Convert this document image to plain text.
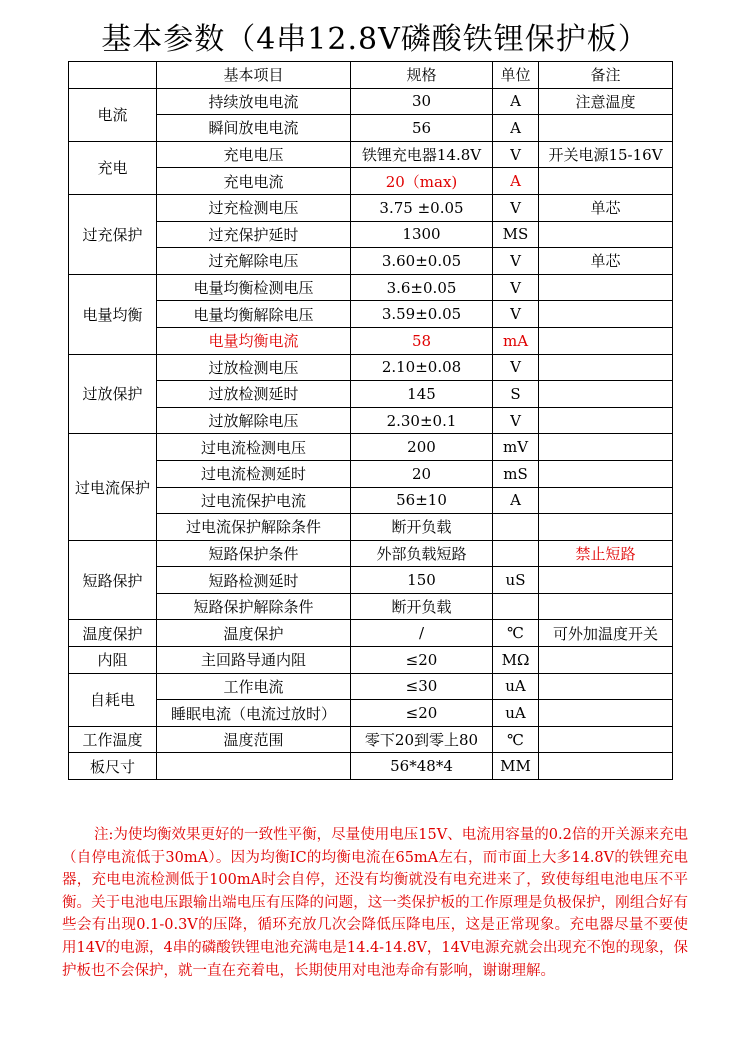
基本参数（4串12.8V磷酸铁锂保护板）
	基本项目	规格	单位	备注
电流	持续放电电流	30	A	注意温度
	瞬间放电电流	56	A	
充电	充电电压	铁锂充电器14.8V	V	开关电源15-16V
	充电电流	20（max)	A	
过充保护	过充检测电压	3.75 ±0.05	V	单芯
	过充保护延时	1300	MS	
	过充解除电压	3.60±0.05	V	单芯
电量均衡	电量均衡检测电压	3.6±0.05	V	
	电量均衡解除电压	3.59±0.05	V	
	电量均衡电流	58	mA	
过放保护	过放检测电压	2.10±0.08	V	
	过放检测延时	145	S	
	过放解除电压	2.30±0.1	V	
过电流保护	过电流检测电压	200	mV	
	过电流检测延时	20	mS	
	过电流保护电流	56±10	A	
	过电流保护解除条件	断开负载		
短路保护	短路保护条件	外部负载短路		禁止短路
	短路检测延时	150	uS	
	短路保护解除条件	断开负载		
温度保护	温度保护	/	℃	可外加温度开关
内阻	主回路导通内阻	≤20	MΩ	
自耗电	工作电流	≤30	uA	
	睡眠电流（电流过放时）	≤20	uA	
工作温度	温度范围	零下20到零上80	℃	
板尺寸		56*48*4	MM	
注:为使均衡效果更好的一致性平衡，尽量使用电压15V、电流用容量的0.2倍的开关源来充电（自停电流低于30mA）。因为均衡IC的均衡电流在65mA左右，而市面上大多14.8V的铁锂充电器，充电电流检测低于100mA时会自停，还没有均衡就没有电充进来了，致使每组电池电压不平衡。关于电池电压跟输出端电压有压降的问题，这一类保护板的工作原理是负极保护，刚组合好有些会有出现0.1-0.3V的压降，循环充放几次会降低压降电压，这是正常现象。充电器尽量不要使用14V的电源，4串的磷酸铁锂电池充满电是14.4-14.8V，14V电源充就会出现充不饱的现象，保护板也不会保护，就一直在充着电，长期使用对电池寿命有影响，谢谢理解。
